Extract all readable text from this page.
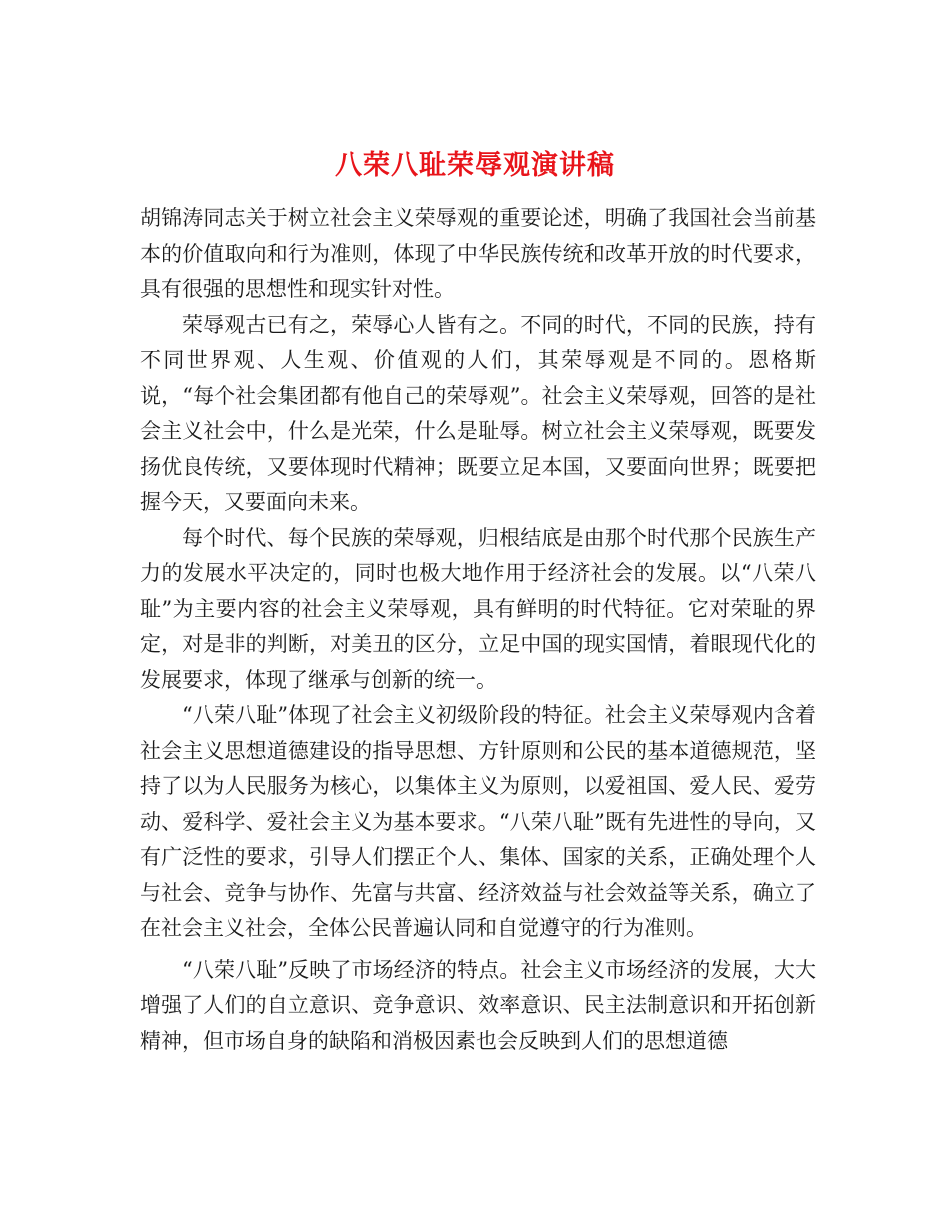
八荣八耻荣辱观演讲稿

胡锦涛同志关于树立社会主义荣辱观的重要论述，明确了我国社会当前基本的价值取向和行为准则，体现了中华民族传统和改革开放的时代要求，具有很强的思想性和现实针对性。

荣辱观古已有之，荣辱心人皆有之。不同的时代，不同的民族，持有不同世界观、人生观、价值观的人们，其荣辱观是不同的。恩格斯说，“每个社会集团都有他自己的荣辱观”。社会主义荣辱观，回答的是社会主义社会中，什么是光荣，什么是耻辱。树立社会主义荣辱观，既要发扬优良传统，又要体现时代精神；既要立足本国，又要面向世界；既要把握今天，又要面向未来。

每个时代、每个民族的荣辱观，归根结底是由那个时代那个民族生产力的发展水平决定的，同时也极大地作用于经济社会的发展。以“八荣八耻”为主要内容的社会主义荣辱观，具有鲜明的时代特征。它对荣耻的界定，对是非的判断，对美丑的区分，立足中国的现实国情，着眼现代化的发展要求，体现了继承与创新的统一。

“八荣八耻”体现了社会主义初级阶段的特征。社会主义荣辱观内含着社会主义思想道德建设的指导思想、方针原则和公民的基本道德规范，坚持了以为人民服务为核心，以集体主义为原则，以爱祖国、爱人民、爱劳动、爱科学、爱社会主义为基本要求。“八荣八耻”既有先进性的导向，又有广泛性的要求，引导人们摆正个人、集体、国家的关系，正确处理个人与社会、竞争与协作、先富与共富、经济效益与社会效益等关系，确立了在社会主义社会，全体公民普遍认同和自觉遵守的行为准则。

“八荣八耻”反映了市场经济的特点。社会主义市场经济的发展，大大增强了人们的自立意识、竞争意识、效率意识、民主法制意识和开拓创新精神，但市场自身的缺陷和消极因素也会反映到人们的思想道德
